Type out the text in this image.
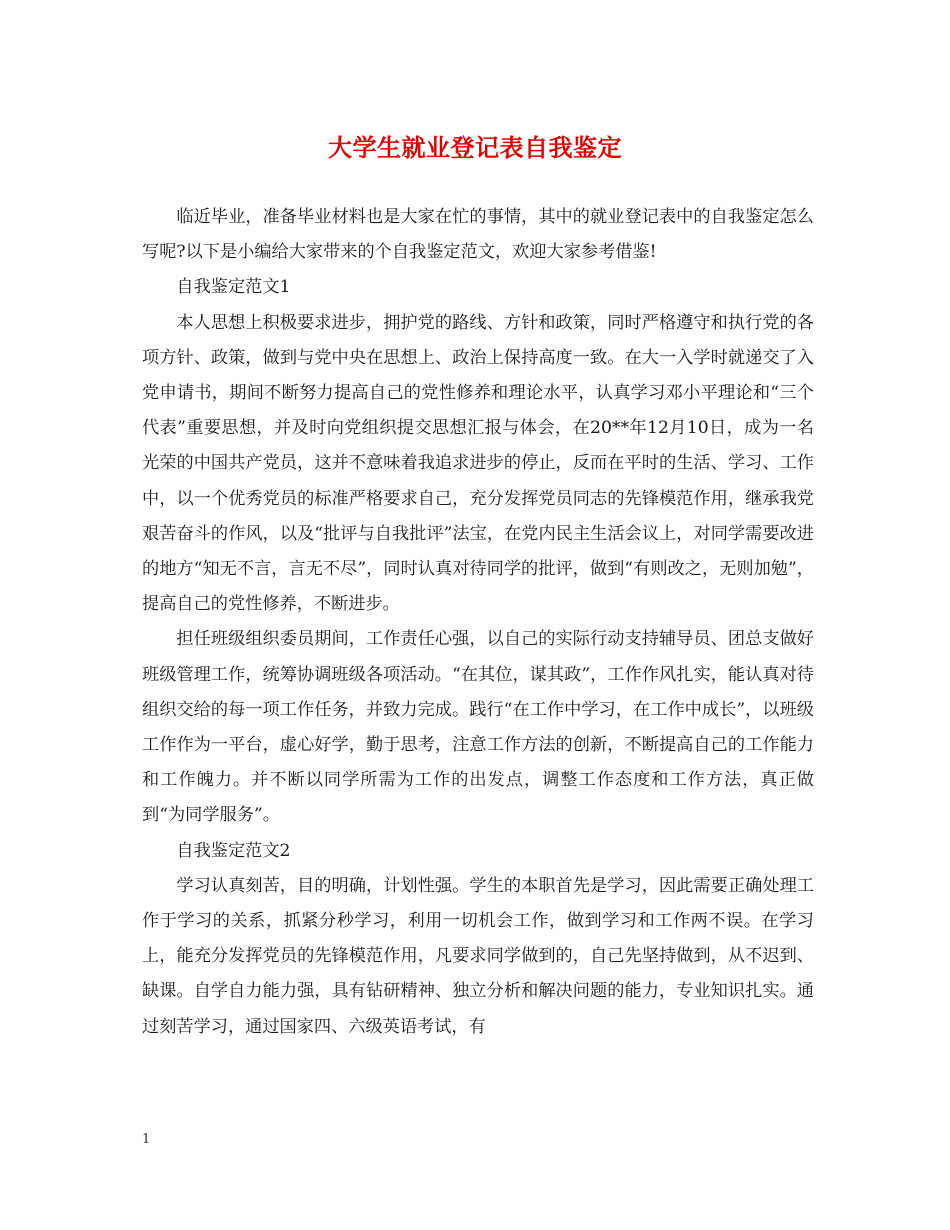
大学生就业登记表自我鉴定

临近毕业，准备毕业材料也是大家在忙的事情，其中的就业登记表中的自我鉴定怎么写呢?以下是小编给大家带来的个自我鉴定范文，欢迎大家参考借鉴!

自我鉴定范文1

本人思想上积极要求进步，拥护党的路线、方针和政策，同时严格遵守和执行党的各项方针、政策，做到与党中央在思想上、政治上保持高度一致。在大一入学时就递交了入党申请书，期间不断努力提高自己的党性修养和理论水平，认真学习邓小平理论和“三个代表”重要思想，并及时向党组织提交思想汇报与体会，在20**年12月10日，成为一名光荣的中国共产党员，这并不意味着我追求进步的停止，反而在平时的生活、学习、工作中，以一个优秀党员的标准严格要求自己，充分发挥党员同志的先锋模范作用，继承我党艰苦奋斗的作风，以及“批评与自我批评”法宝，在党内民主生活会议上，对同学需要改进的地方“知无不言，言无不尽”，同时认真对待同学的批评，做到“有则改之，无则加勉”，提高自己的党性修养，不断进步。

担任班级组织委员期间，工作责任心强，以自己的实际行动支持辅导员、团总支做好班级管理工作，统筹协调班级各项活动。“在其位，谋其政”，工作作风扎实，能认真对待组织交给的每一项工作任务，并致力完成。践行“在工作中学习，在工作中成长”，以班级工作作为一平台，虚心好学，勤于思考，注意工作方法的创新，不断提高自己的工作能力和工作魄力。并不断以同学所需为工作的出发点，调整工作态度和工作方法，真正做到“为同学服务”。

自我鉴定范文2

学习认真刻苦，目的明确，计划性强。学生的本职首先是学习，因此需要正确处理工作于学习的关系，抓紧分秒学习，利用一切机会工作，做到学习和工作两不误。在学习上，能充分发挥党员的先锋模范作用，凡要求同学做到的，自己先坚持做到，从不迟到、缺课。自学自力能力强，具有钻研精神、独立分析和解决问题的能力，专业知识扎实。通过刻苦学习，通过国家四、六级英语考试，有

1
